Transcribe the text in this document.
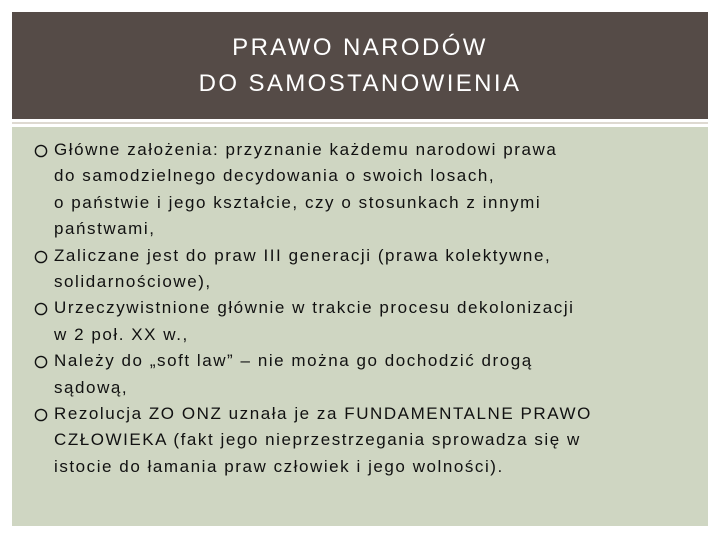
PRAWO NARODÓW
DO SAMOSTANOWIENIA
Główne założenia: przyznanie każdemu narodowi prawa
do samodzielnego decydowania o swoich losach,
o państwie i jego kształcie, czy o stosunkach z innymi
państwami,
Zaliczane jest do praw III generacji (prawa kolektywne,
solidarnościowe),
Urzeczywistnione głównie w trakcie procesu dekolonizacji
w 2 poł. XX w.,
Należy do „soft law” – nie można go dochodzić drogą
sądową,
Rezolucja ZO ONZ uznała je za FUNDAMENTALNE PRAWO
CZŁOWIEKA (fakt jego nieprzestrzegania sprowadza się w
istocie do łamania praw człowiek i jego wolności).
